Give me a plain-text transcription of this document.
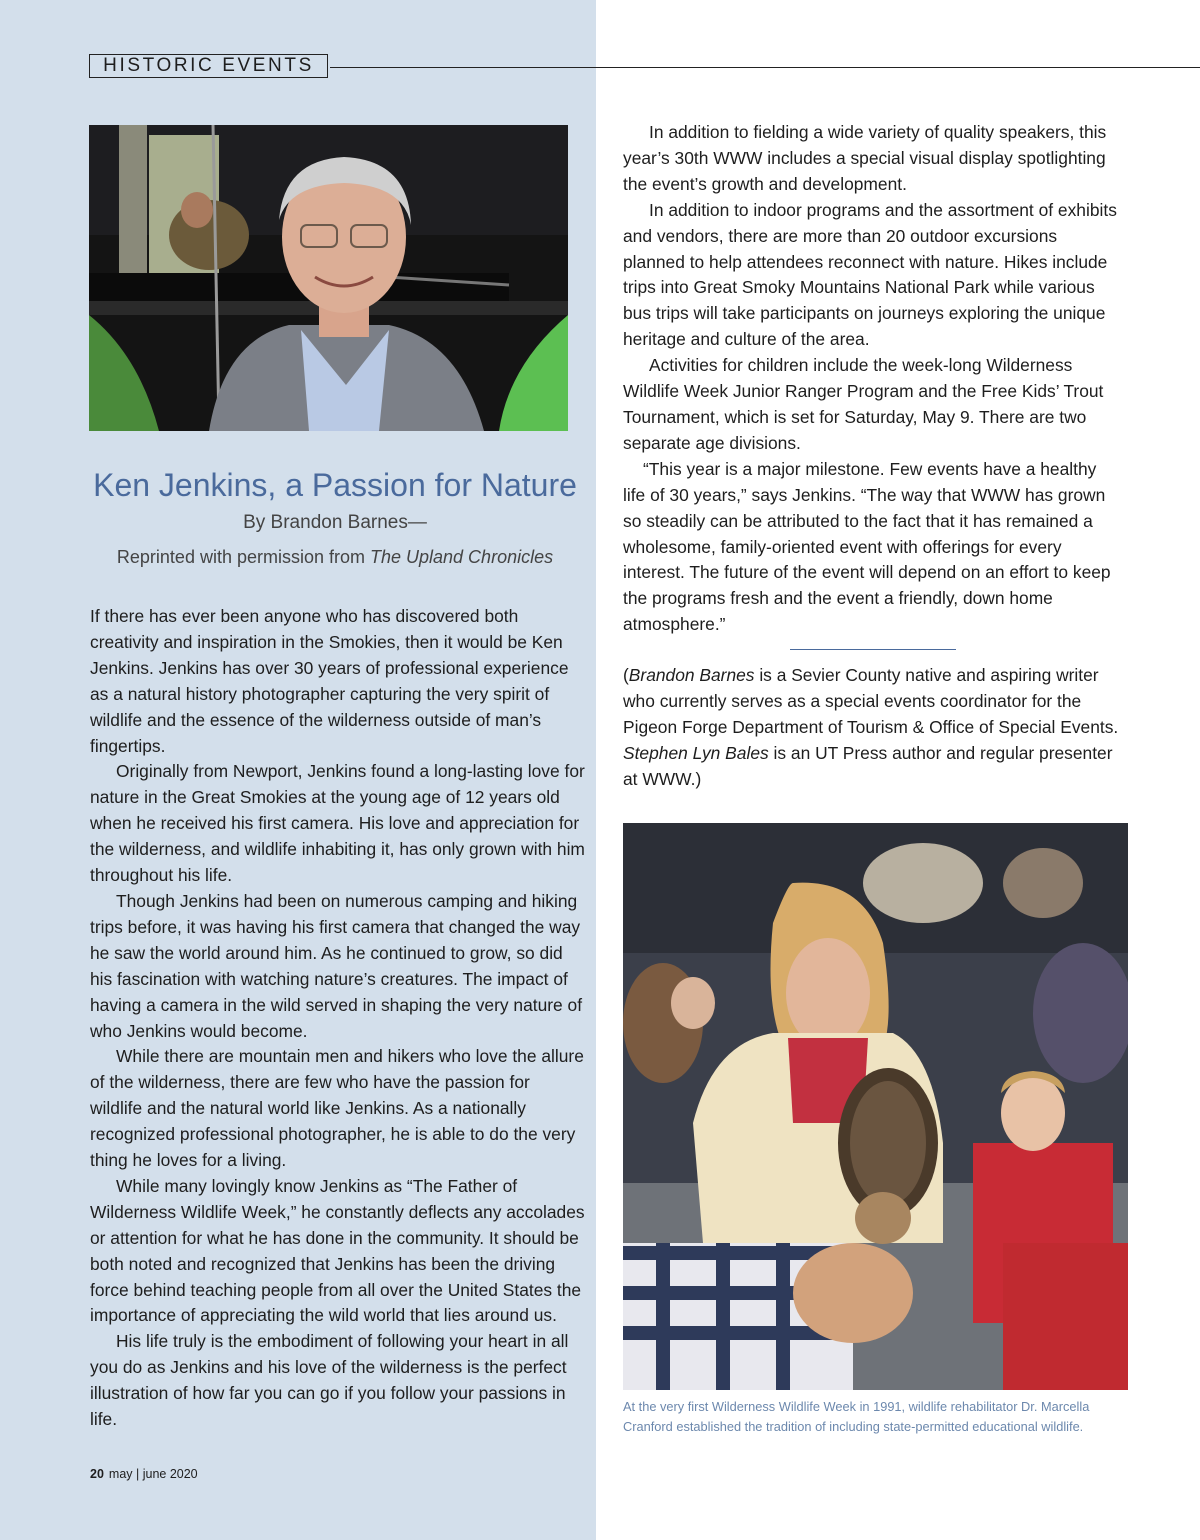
HISTORIC EVENTS
Ken Jenkins, a Passion for Nature
By Brandon Barnes—
Reprinted with permission from The Upland Chronicles

If there has ever been anyone who has discovered both creativity and inspiration in the Smokies, then it would be Ken Jenkins. Jenkins has over 30 years of professional experience as a natural history photographer capturing the very spirit of wildlife and the essence of the wilderness outside of man’s fingertips.

Originally from Newport, Jenkins found a long-lasting love for nature in the Great Smokies at the young age of 12 years old when he received his first camera. His love and appreciation for the wilderness, and wildlife inhabiting it, has only grown with him throughout his life.

Though Jenkins had been on numerous camping and hiking trips before, it was having his first camera that changed the way he saw the world around him. As he continued to grow, so did his fascination with watching nature’s creatures. The impact of having a camera in the wild served in shaping the very nature of who Jenkins would become.

While there are mountain men and hikers who love the allure of the wilderness, there are few who have the passion for wildlife and the natural world like Jenkins. As a nationally recognized professional photographer, he is able to do the very thing he loves for a living.

While many lovingly know Jenkins as “The Father of Wilderness Wildlife Week,” he constantly deflects any accolades or attention for what he has done in the community. It should be both noted and recognized that Jenkins has been the driving force behind teaching people from all over the United States the importance of appreciating the wild world that lies around us.

His life truly is the embodiment of following your heart in all you do as Jenkins and his love of the wilderness is the perfect illustration of how far you can go if you follow your passions in life.

In addition to fielding a wide variety of quality speakers, this year’s 30th WWW includes a special visual display spotlighting the event’s growth and development.

In addition to indoor programs and the assortment of exhibits and vendors, there are more than 20 outdoor excursions planned to help attendees reconnect with nature. Hikes include trips into Great Smoky Mountains National Park while various bus trips will take participants on journeys exploring the unique heritage and culture of the area.

Activities for children include the week-long Wilderness Wildlife Week Junior Ranger Program and the Free Kids’ Trout Tournament, which is set for Saturday, May 9. There are two separate age divisions.

“This year is a major milestone. Few events have a healthy life of 30 years,” says Jenkins. “The way that WWW has grown so steadily can be attributed to the fact that it has remained a wholesome, family-oriented event with offerings for every interest. The future of the event will depend on an effort to keep the programs fresh and the event a friendly, down home atmosphere.”

(Brandon Barnes is a Sevier County native and aspiring writer who currently serves as a special events coordinator for the Pigeon Forge Department of Tourism & Office of Special Events. Stephen Lyn Bales is an UT Press author and regular presenter at WWW.)

At the very first Wilderness Wildlife Week in 1991, wildlife rehabilitator Dr. Marcella Cranford established the tradition of including state-permitted educational wildlife.
20 may | june 2020
